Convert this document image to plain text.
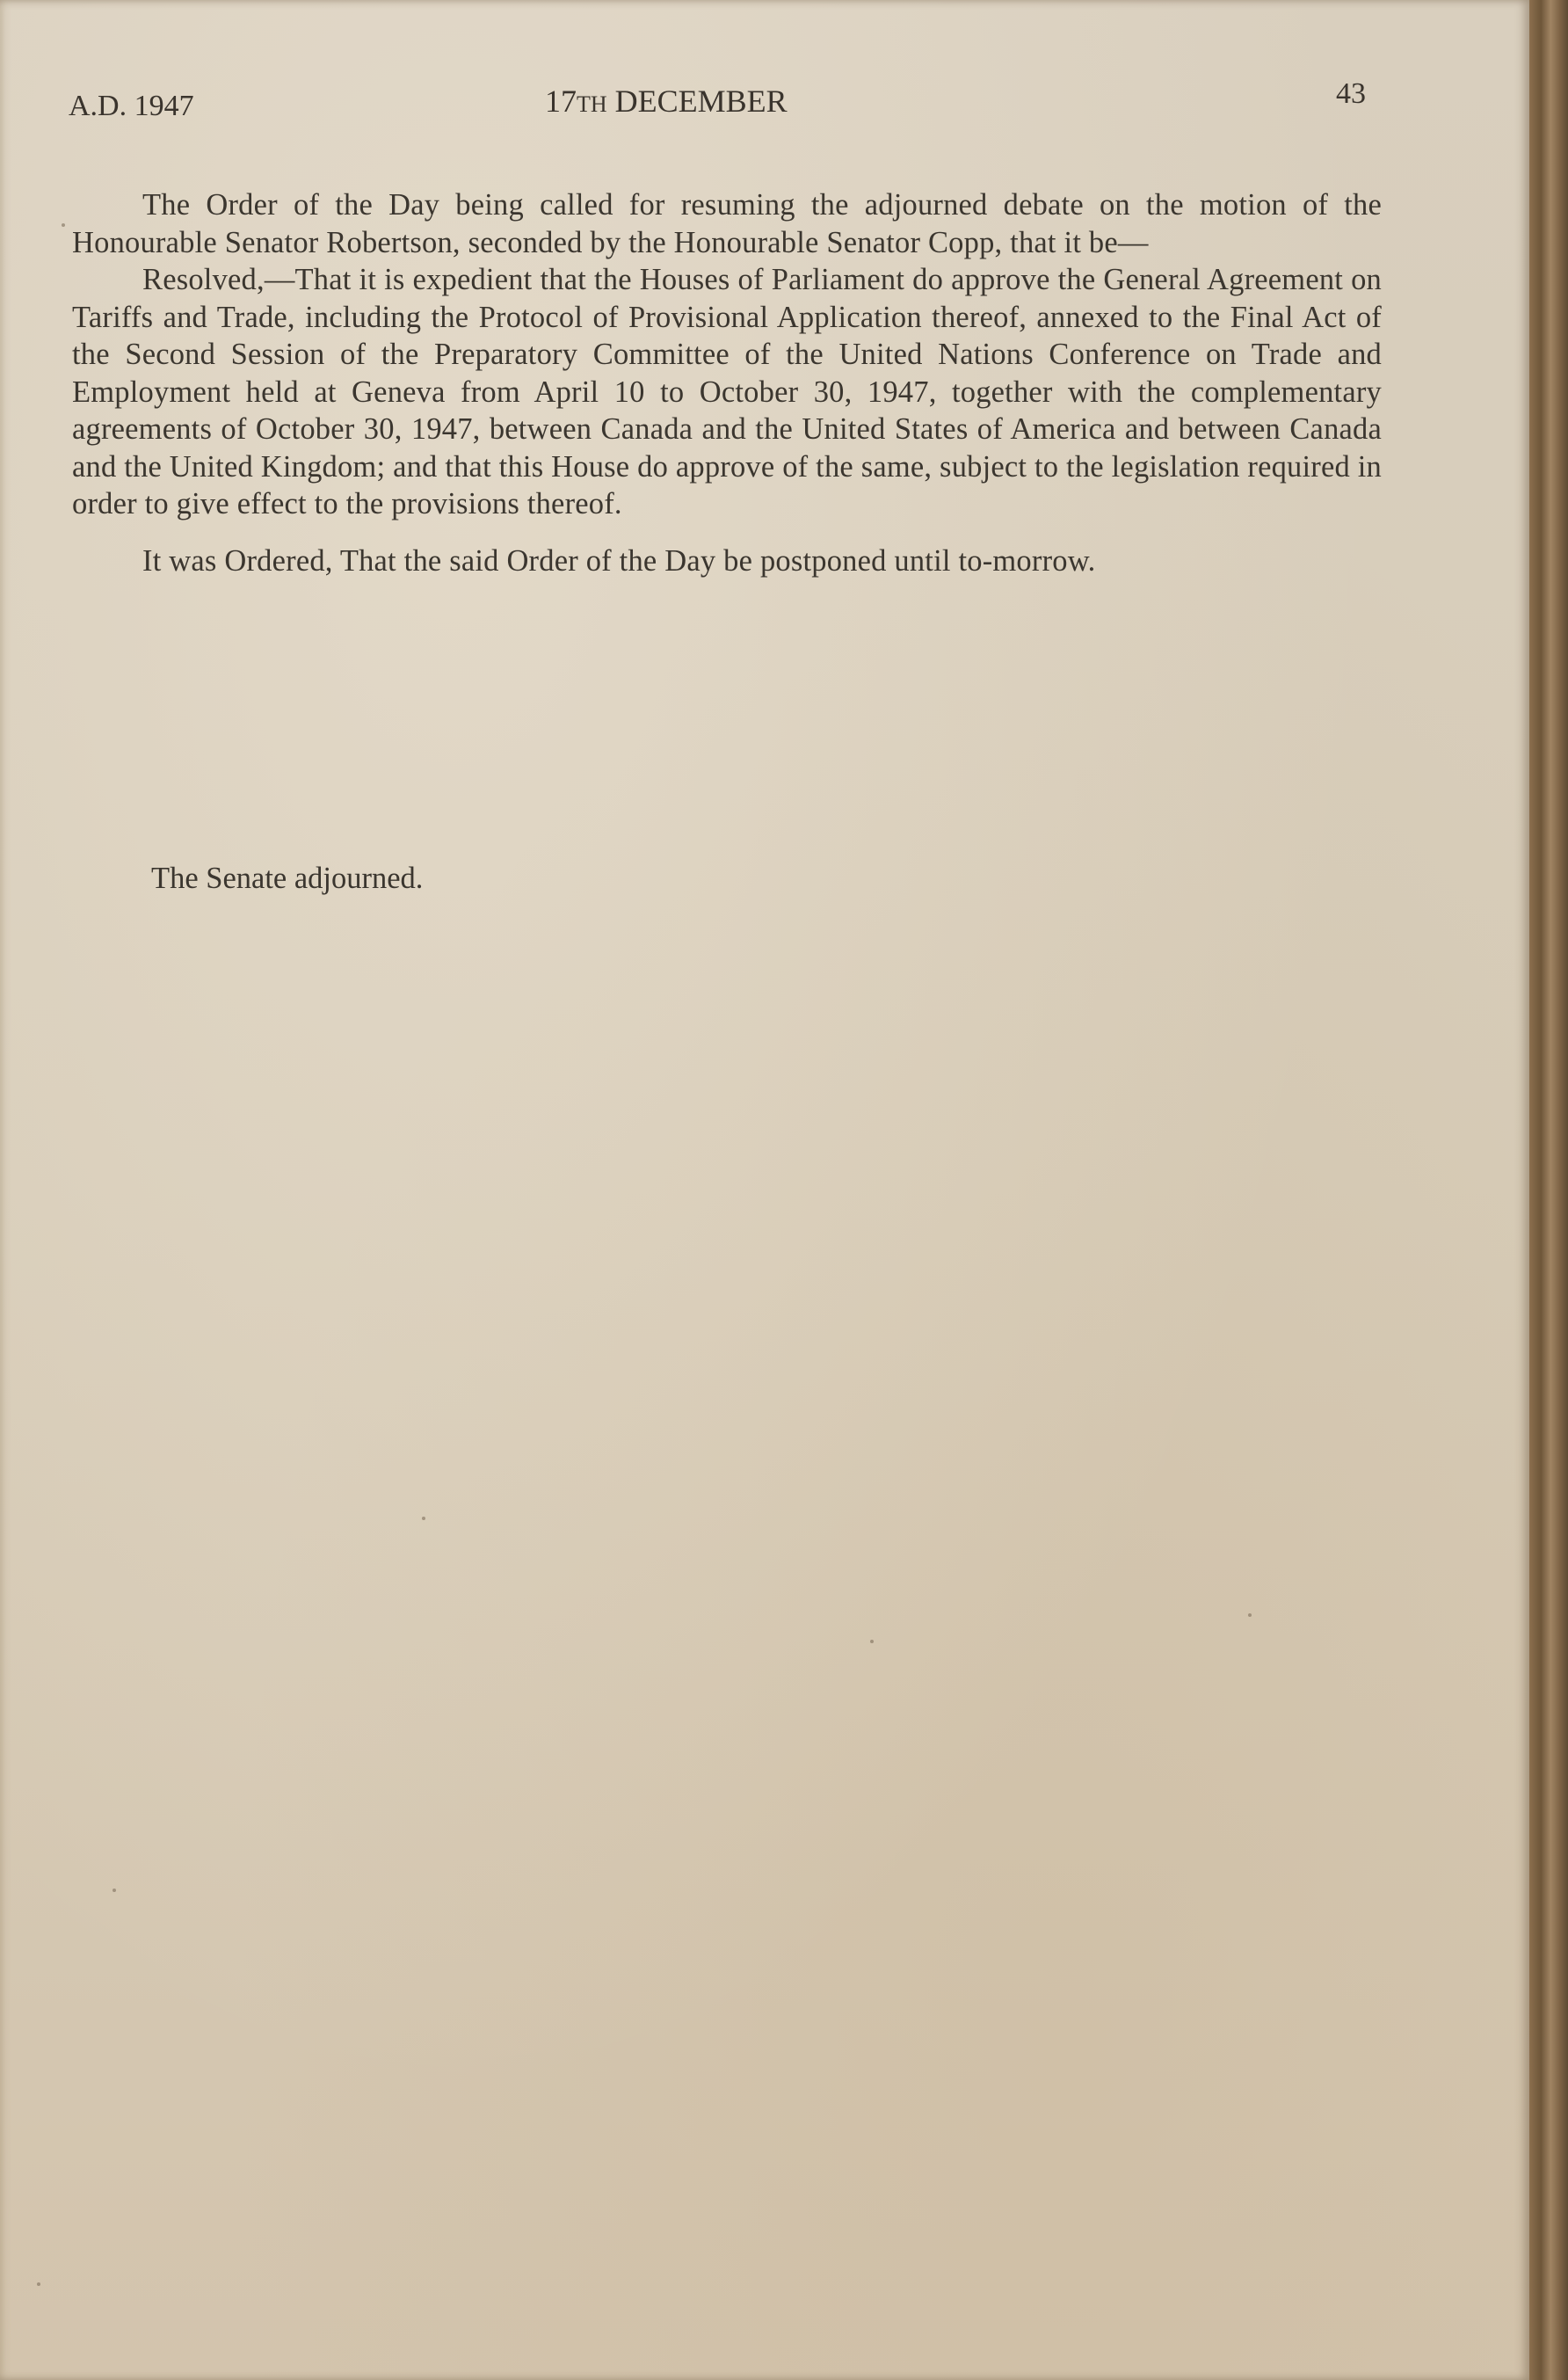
A.D. 1947	17TH DECEMBER	43

The Order of the Day being called for resuming the adjourned debate on the motion of the Honourable Senator Robertson, seconded by the Honourable Senator Copp, that it be—

Resolved,—That it is expedient that the Houses of Parliament do approve the General Agreement on Tariffs and Trade, including the Protocol of Provisional Application thereof, annexed to the Final Act of the Second Session of the Preparatory Committee of the United Nations Conference on Trade and Employment held at Geneva from April 10 to October 30, 1947, together with the complementary agreements of October 30, 1947, between Canada and the United States of America and between Canada and the United Kingdom; and that this House do approve of the same, subject to the legislation required in order to give effect to the provisions thereof.

It was Ordered, That the said Order of the Day be postponed until to-morrow.

The Senate adjourned.
